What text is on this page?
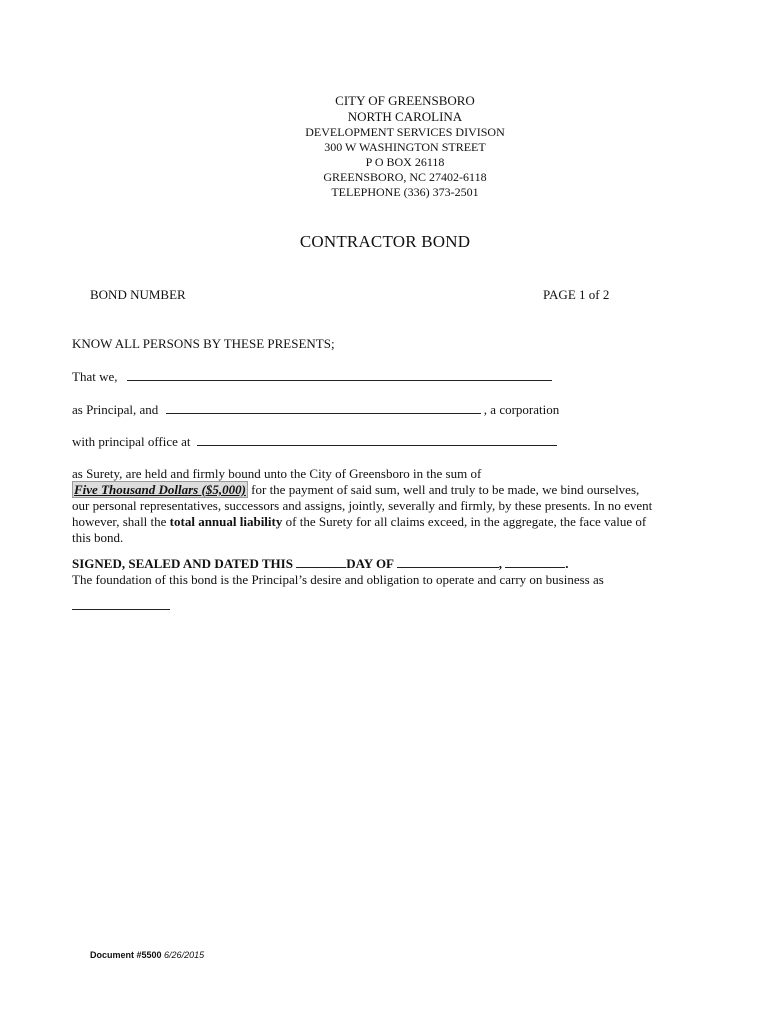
CITY OF GREENSBORO
NORTH CAROLINA
DEVELOPMENT SERVICES DIVISON
300 W WASHINGTON STREET
P O BOX 26118
GREENSBORO, NC 27402-6118
TELEPHONE (336) 373-2501
CONTRACTOR BOND
BOND NUMBER	PAGE 1 of 2
KNOW ALL PERSONS BY THESE PRESENTS;
That we,
as Principal, and	, a corporation
with principal office at
as Surety, are held and firmly bound unto the City of Greensboro in the sum of
Five Thousand Dollars ($5,000) for the payment of said sum, well and truly to be made, we bind ourselves, our personal representatives, successors and assigns, jointly, severally and firmly, by these presents. In no event however, shall the total annual liability of the Surety for all claims exceed, in the aggregate, the face value of this bond.
SIGNED, SEALED AND DATED THIS	DAY OF	,	.
The foundation of this bond is the Principal’s desire and obligation to operate and carry on business as
Document #5500 6/26/2015
